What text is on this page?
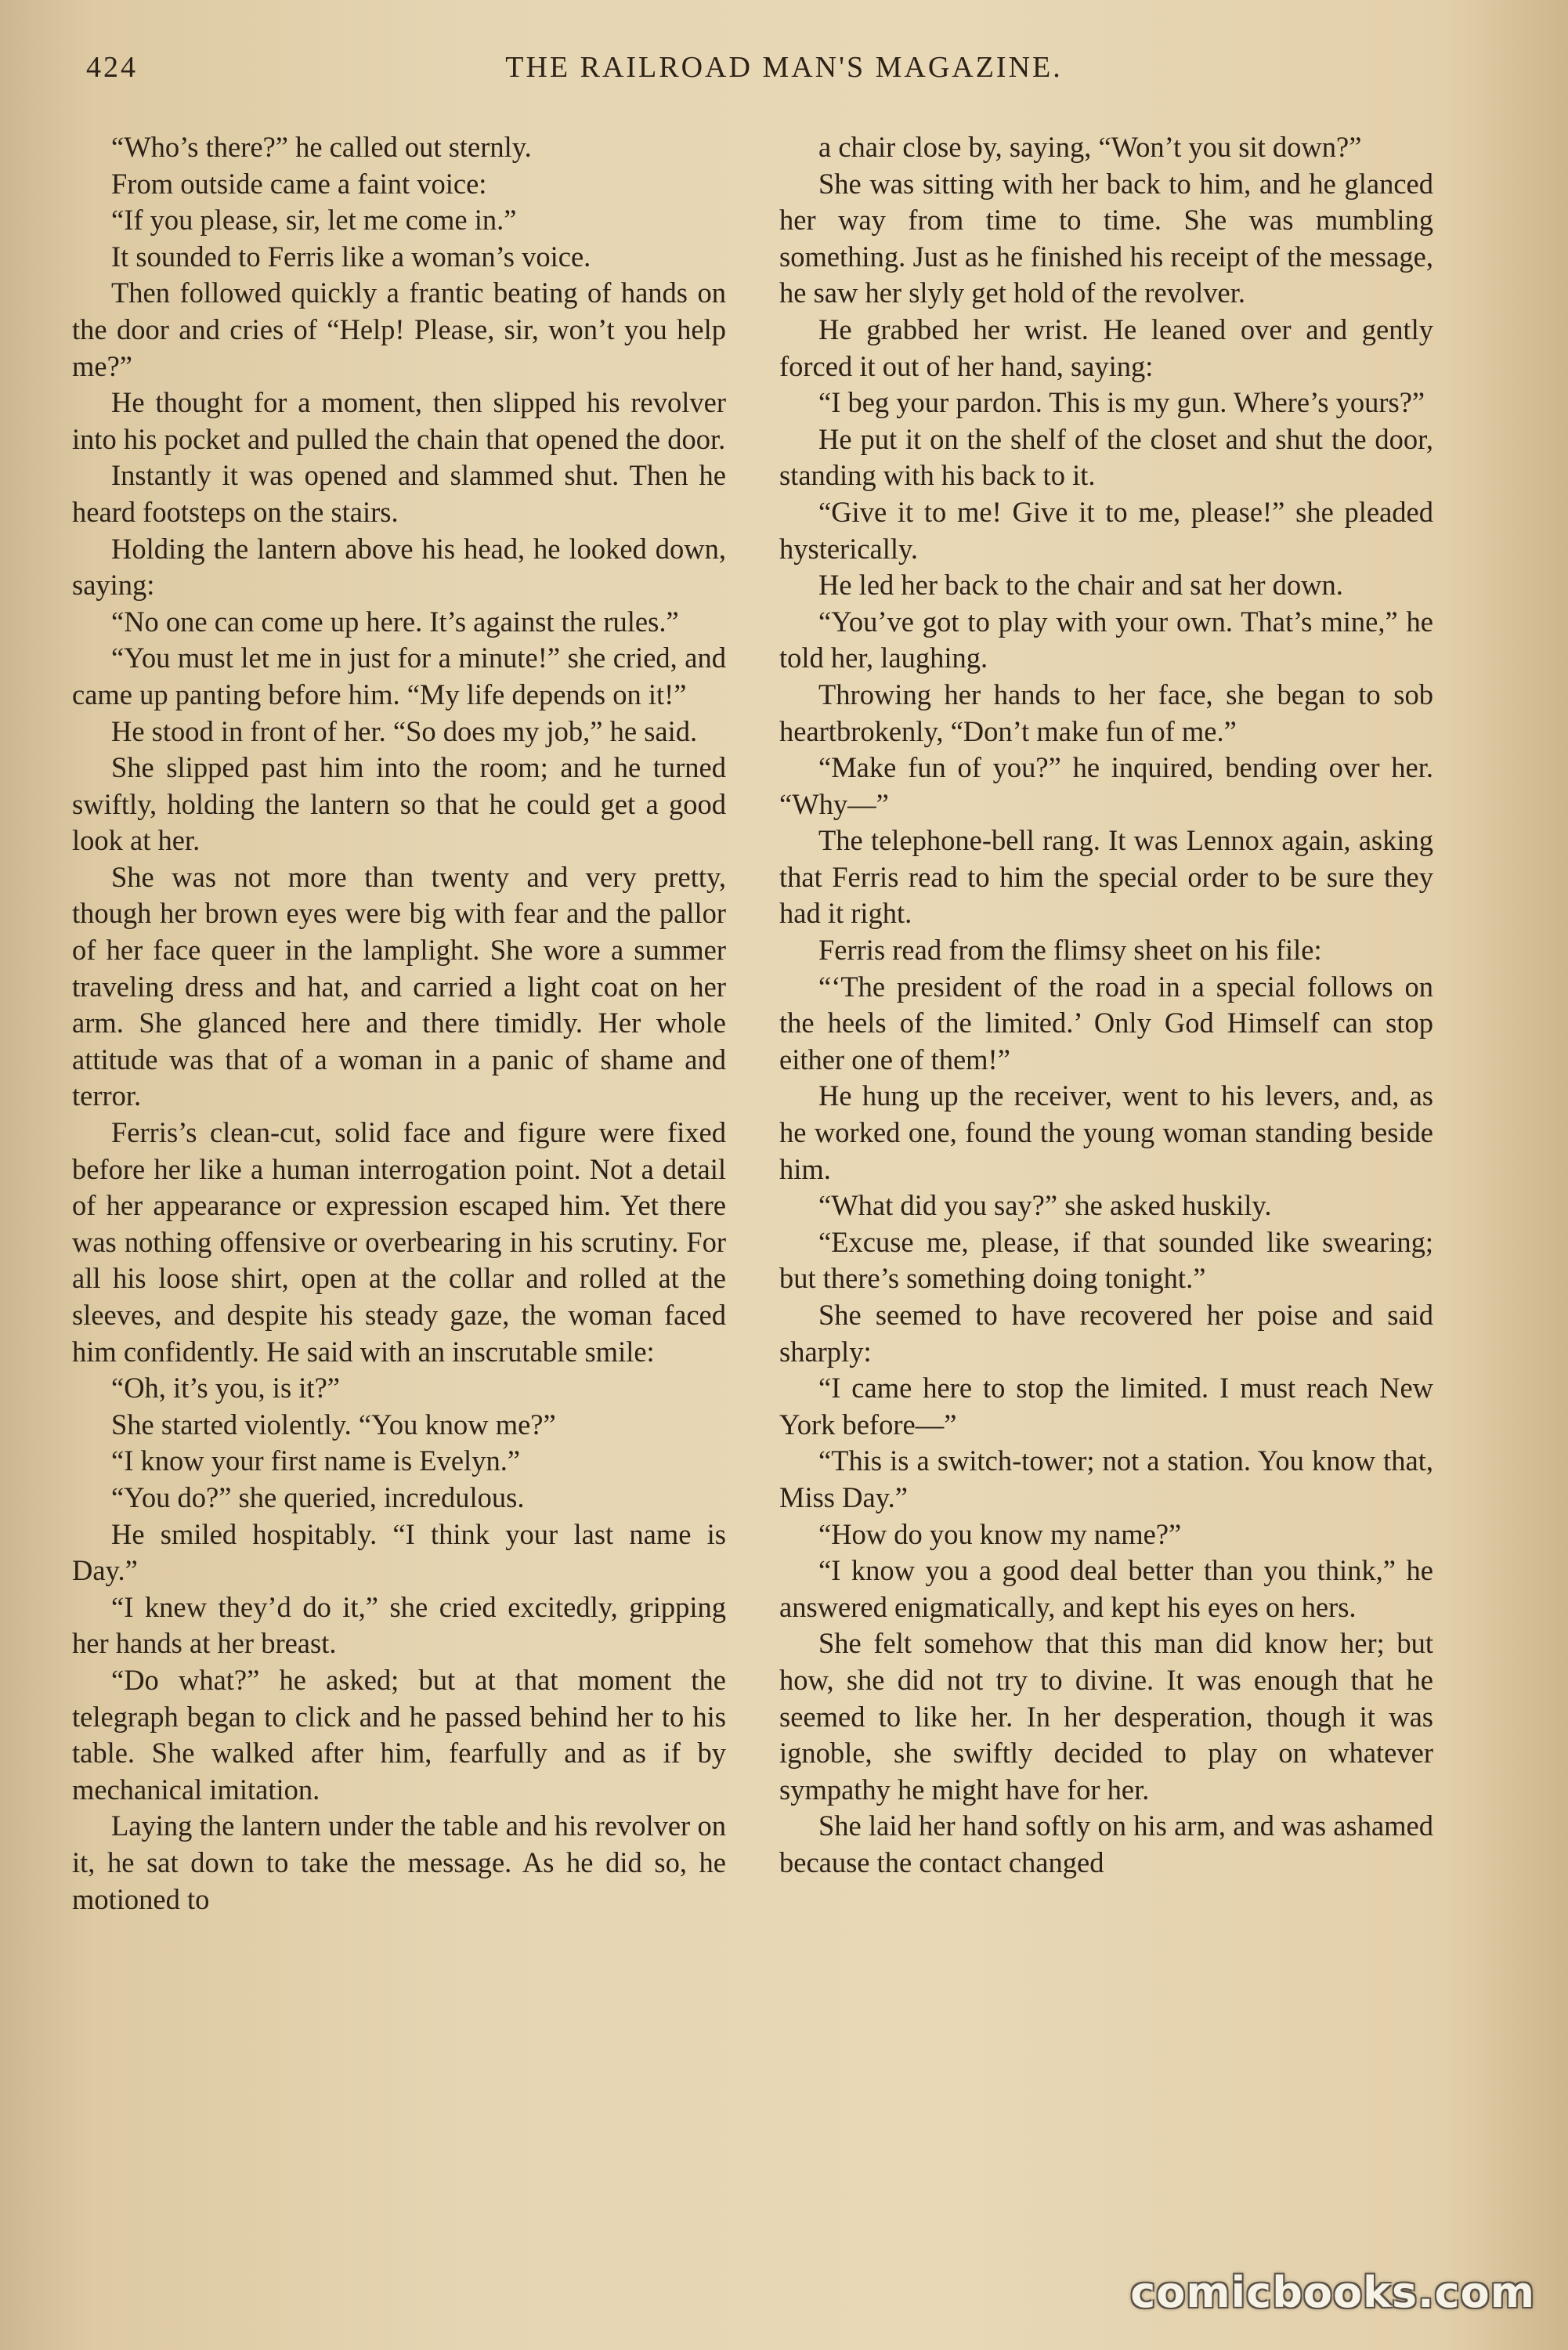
424	THE RAILROAD MAN'S MAGAZINE.

“Who’s there?” he called out sternly.

From outside came a faint voice:

“If you please, sir, let me come in.”

It sounded to Ferris like a woman’s voice.

Then followed quickly a frantic beating of hands on the door and cries of “Help! Please, sir, won’t you help me?”

He thought for a moment, then slipped his revolver into his pocket and pulled the chain that opened the door.

Instantly it was opened and slammed shut. Then he heard footsteps on the stairs.

Holding the lantern above his head, he looked down, saying:

“No one can come up here. It’s against the rules.”

“You must let me in just for a minute!” she cried, and came up panting before him. “My life depends on it!”

He stood in front of her. “So does my job,” he said.

She slipped past him into the room; and he turned swiftly, holding the lantern so that he could get a good look at her.

She was not more than twenty and very pretty, though her brown eyes were big with fear and the pallor of her face queer in the lamplight. She wore a summer traveling dress and hat, and carried a light coat on her arm. She glanced here and there timidly. Her whole attitude was that of a woman in a panic of shame and terror.

Ferris’s clean-cut, solid face and figure were fixed before her like a human interrogation point. Not a detail of her appearance or expression escaped him. Yet there was nothing offensive or overbearing in his scrutiny. For all his loose shirt, open at the collar and rolled at the sleeves, and despite his steady gaze, the woman faced him confidently. He said with an inscrutable smile:

“Oh, it’s you, is it?”

She started violently. “You know me?”

“I know your first name is Evelyn.”

“You do?” she queried, incredulous.

He smiled hospitably. “I think your last name is Day.”

“I knew they’d do it,” she cried excitedly, gripping her hands at her breast.

“Do what?” he asked; but at that moment the telegraph began to click and he passed behind her to his table. She walked after him, fearfully and as if by mechanical imitation.

Laying the lantern under the table and his revolver on it, he sat down to take the message. As he did so, he motioned to

a chair close by, saying, “Won’t you sit down?”

She was sitting with her back to him, and he glanced her way from time to time. She was mumbling something. Just as he finished his receipt of the message, he saw her slyly get hold of the revolver.

He grabbed her wrist. He leaned over and gently forced it out of her hand, saying:

“I beg your pardon. This is my gun. Where’s yours?”

He put it on the shelf of the closet and shut the door, standing with his back to it.

“Give it to me! Give it to me, please!” she pleaded hysterically.

He led her back to the chair and sat her down.

“You’ve got to play with your own. That’s mine,” he told her, laughing.

Throwing her hands to her face, she began to sob heartbrokenly, “Don’t make fun of me.”

“Make fun of you?” he inquired, bending over her. “Why—”

The telephone-bell rang. It was Lennox again, asking that Ferris read to him the special order to be sure they had it right.

Ferris read from the flimsy sheet on his file:

“‘The president of the road in a special follows on the heels of the limited.’ Only God Himself can stop either one of them!”

He hung up the receiver, went to his levers, and, as he worked one, found the young woman standing beside him.

“What did you say?” she asked huskily.

“Excuse me, please, if that sounded like swearing; but there’s something doing tonight.”

She seemed to have recovered her poise and said sharply:

“I came here to stop the limited. I must reach New York before—”

“This is a switch-tower; not a station. You know that, Miss Day.”

“How do you know my name?”

“I know you a good deal better than you think,” he answered enigmatically, and kept his eyes on hers.

She felt somehow that this man did know her; but how, she did not try to divine. It was enough that he seemed to like her. In her desperation, though it was ignoble, she swiftly decided to play on whatever sympathy he might have for her.

She laid her hand softly on his arm, and was ashamed because the contact changed

comicbooks.com
